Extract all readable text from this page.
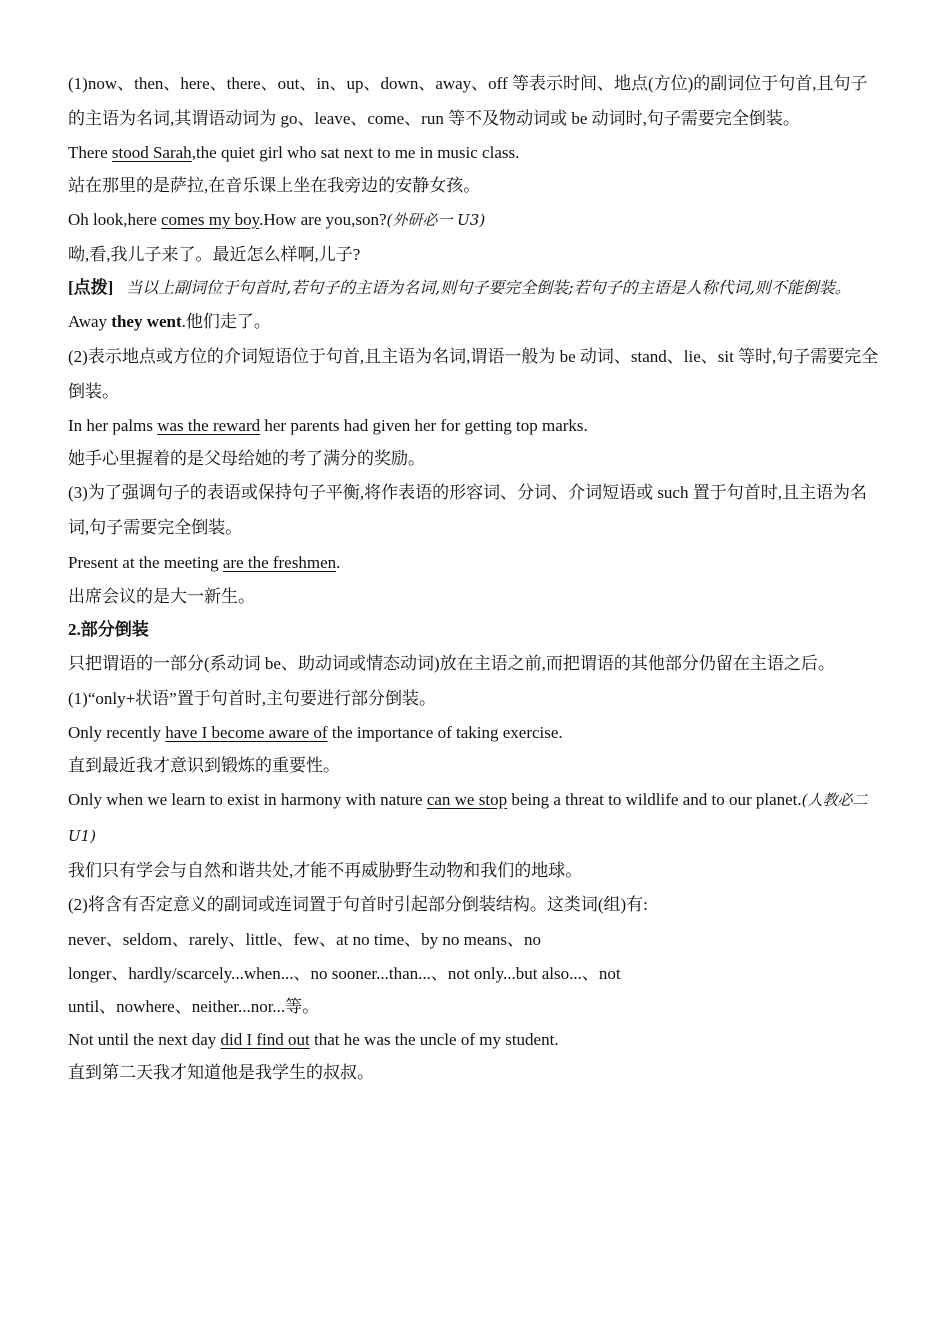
(1)now、then、here、there、out、in、up、down、away、off 等表示时间、地点(方位)的副词位于句首,且句子的主语为名词,其谓语动词为 go、leave、come、run 等不及物动词或 be 动词时,句子需要完全倒装。

There stood Sarah,the quiet girl who sat next to me in music class.

站在那里的是萨拉,在音乐课上坐在我旁边的安静女孩。

Oh look,here comes my boy.How are you,son?(外研必一 U3)

呦,看,我儿子来了。最近怎么样啊,儿子?

[点拨] 当以上副词位于句首时,若句子的主语为名词,则句子要完全倒装;若句子的主语是人称代词,则不能倒装。

Away they went.他们走了。

(2)表示地点或方位的介词短语位于句首,且主语为名词,谓语一般为 be 动词、stand、lie、sit 等时,句子需要完全倒装。

In her palms was the reward her parents had given her for getting top marks.

她手心里握着的是父母给她的考了满分的奖励。

(3)为了强调句子的表语或保持句子平衡,将作表语的形容词、分词、介词短语或 such 置于句首时,且主语为名词,句子需要完全倒装。

Present at the meeting are the freshmen.

出席会议的是大一新生。

2.部分倒装

只把谓语的一部分(系动词 be、助动词或情态动词)放在主语之前,而把谓语的其他部分仍留在主语之后。

(1)“only+状语”置于句首时,主句要进行部分倒装。

Only recently have I become aware of the importance of taking exercise.

直到最近我才意识到锻炼的重要性。

Only when we learn to exist in harmony with nature can we stop being a threat to wildlife and to our planet.(人教必二 U1)

我们只有学会与自然和谐共处,才能不再威胁野生动物和我们的地球。

(2)将含有否定意义的副词或连词置于句首时引起部分倒装结构。这类词(组)有:

never、seldom、rarely、little、few、at no time、by no means、no

longer、hardly/scarcely...when...、no sooner...than...、not only...but also...、not

until、nowhere、neither...nor...等。

Not until the next day did I find out that he was the uncle of my student.

直到第二天我才知道他是我学生的叔叔。
